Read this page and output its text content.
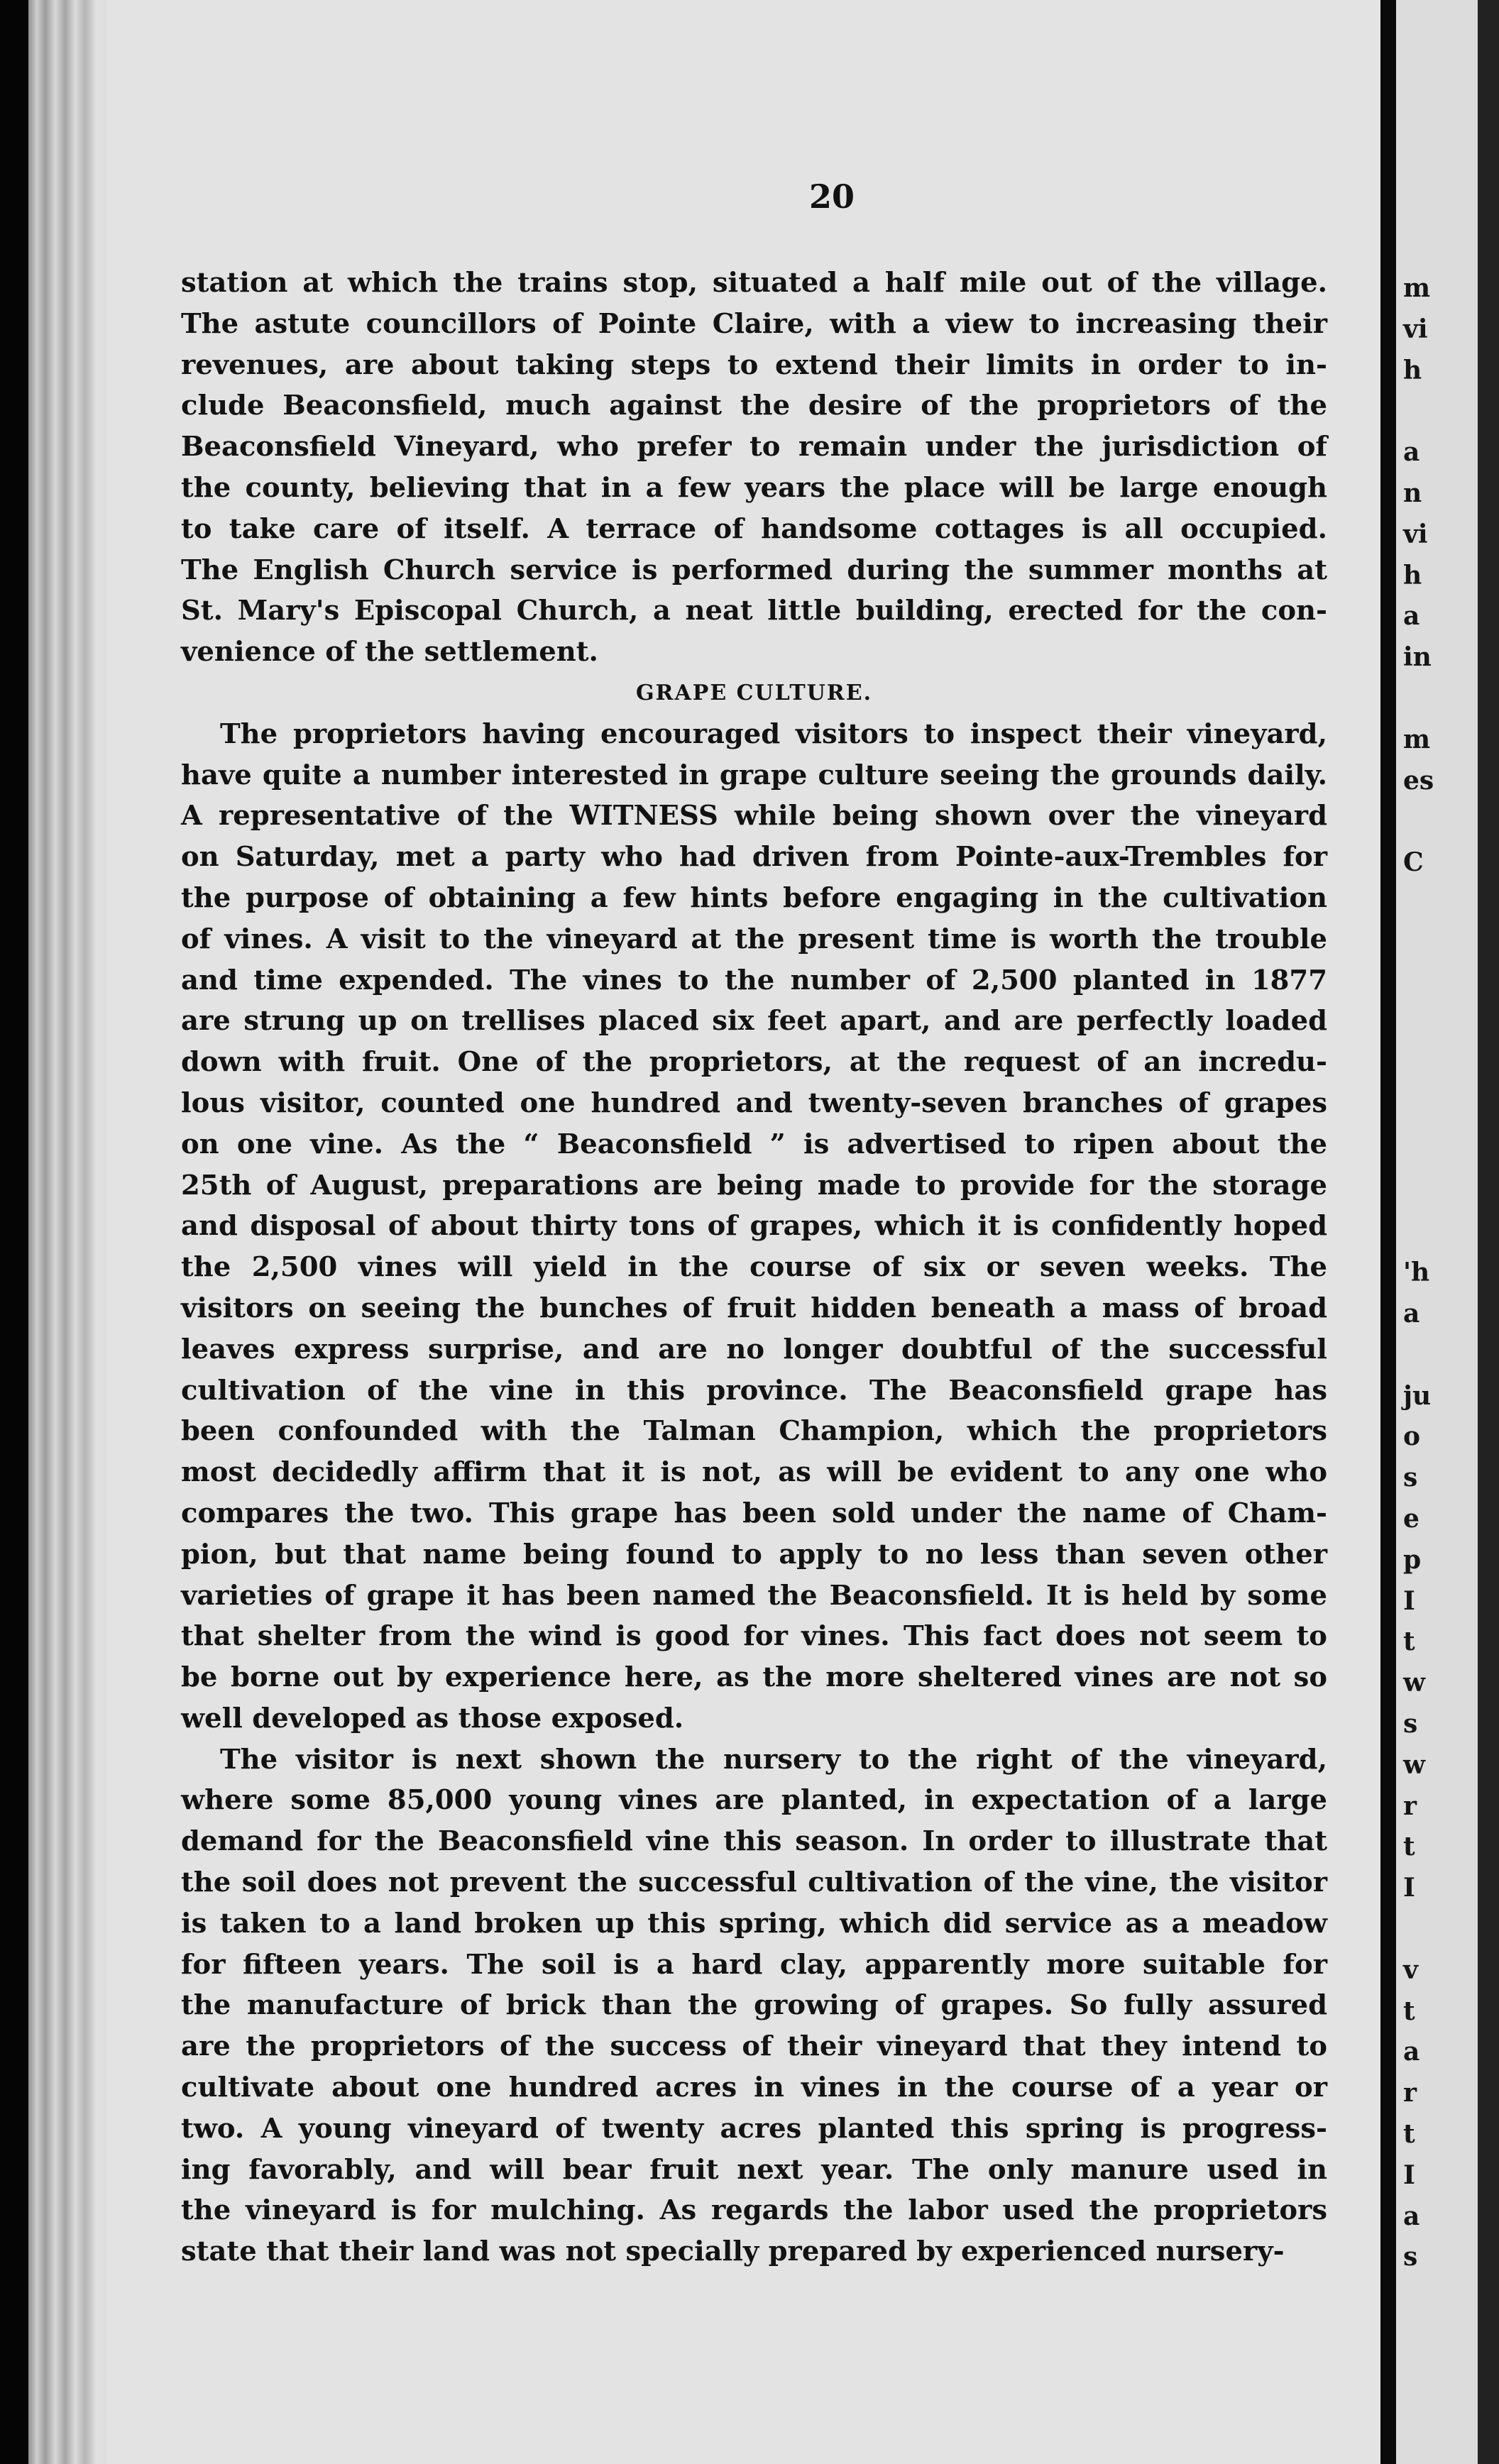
20
station at which the trains stop, situated a half mile out of the village.
The astute councillors of Pointe Claire, with a view to increasing their
revenues, are about taking steps to extend their limits in order to in-
clude Beaconsfield, much against the desire of the proprietors of the
Beaconsfield Vineyard, who prefer to remain under the jurisdiction of
the county, believing that in a few years the place will be large enough
to take care of itself. A terrace of handsome cottages is all occupied.
The English Church service is performed during the summer months at
St. Mary's Episcopal Church, a neat little building, erected for the con-
venience of the settlement.
GRAPE CULTURE.
The proprietors having encouraged visitors to inspect their vineyard,
have quite a number interested in grape culture seeing the grounds daily.
A representative of the WITNESS while being shown over the vineyard
on Saturday, met a party who had driven from Pointe-aux-Trembles for
the purpose of obtaining a few hints before engaging in the cultivation
of vines. A visit to the vineyard at the present time is worth the trouble
and time expended. The vines to the number of 2,500 planted in 1877
are strung up on trellises placed six feet apart, and are perfectly loaded
down with fruit. One of the proprietors, at the request of an incredu-
lous visitor, counted one hundred and twenty-seven branches of grapes
on one vine. As the “ Beaconsfield ” is advertised to ripen about the
25th of August, preparations are being made to provide for the storage
and disposal of about thirty tons of grapes, which it is confidently hoped
the 2,500 vines will yield in the course of six or seven weeks. The
visitors on seeing the bunches of fruit hidden beneath a mass of broad
leaves express surprise, and are no longer doubtful of the successful
cultivation of the vine in this province. The Beaconsfield grape has
been confounded with the Talman Champion, which the proprietors
most decidedly affirm that it is not, as will be evident to any one who
compares the two. This grape has been sold under the name of Cham-
pion, but that name being found to apply to no less than seven other
varieties of grape it has been named the Beaconsfield. It is held by some
that shelter from the wind is good for vines. This fact does not seem to
be borne out by experience here, as the more sheltered vines are not so
well developed as those exposed.
The visitor is next shown the nursery to the right of the vineyard,
where some 85,000 young vines are planted, in expectation of a large
demand for the Beaconsfield vine this season. In order to illustrate that
the soil does not prevent the successful cultivation of the vine, the visitor
is taken to a land broken up this spring, which did service as a meadow
for fifteen years. The soil is a hard clay, apparently more suitable for
the manufacture of brick than the growing of grapes. So fully assured
are the proprietors of the success of their vineyard that they intend to
cultivate about one hundred acres in vines in the course of a year or
two. A young vineyard of twenty acres planted this spring is progress-
ing favorably, and will bear fruit next year. The only manure used in
the vineyard is for mulching. As regards the labor used the proprietors
state that their land was not specially prepared by experienced nursery-
m
vi
h
a
n
vi
h
a
in
m
es
C
'h
a
ju
o
s
e
p
I
t
w
s
w
r
t
I
v
t
a
r
t
I
a
s
